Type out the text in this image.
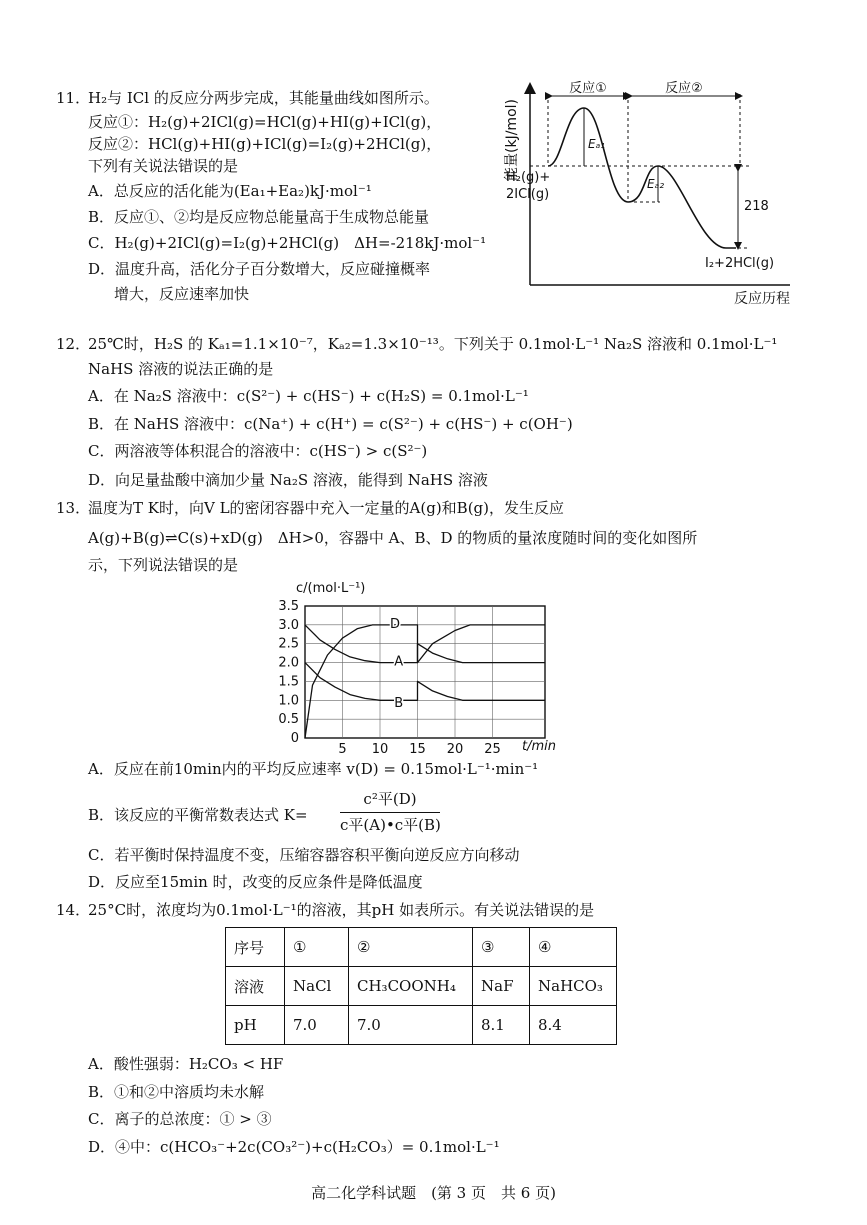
11．
H₂与 ICl 的反应分两步完成，其能量曲线如图所示。
反应①：H₂(g)+2ICl(g)=HCl(g)+HI(g)+ICl(g)，
反应②：HCl(g)+HI(g)+ICl(g)=I₂(g)+2HCl(g)，
下列有关说法错误的是
A．总反应的活化能为(Ea₁+Ea₂)kJ·mol⁻¹
B．反应①、②均是反应物总能量高于生成物总能量
C．H₂(g)+2ICl(g)=I₂(g)+2HCl(g)　ΔH=-218kJ·mol⁻¹
D．温度升高，活化分子百分数增大，反应碰撞概率
增大，反应速率加快
能量(kJ/mol)
反应历程
反应①	反应②
Eₐ₁
Eₐ₂
H₂(g)+
2ICl(g)
218
I₂+2HCl(g)
12．
25℃时，H₂S 的 Kₐ₁=1.1×10⁻⁷，Kₐ₂=1.3×10⁻¹³。下列关于 0.1mol·L⁻¹ Na₂S 溶液和 0.1mol·L⁻¹
NaHS 溶液的说法正确的是
A．在 Na₂S 溶液中：c(S²⁻) + c(HS⁻) + c(H₂S) = 0.1mol·L⁻¹
B．在 NaHS 溶液中：c(Na⁺) + c(H⁺) = c(S²⁻) + c(HS⁻) + c(OH⁻)
C．两溶液等体积混合的溶液中：c(HS⁻) > c(S²⁻)
D．向足量盐酸中滴加少量 Na₂S 溶液，能得到 NaHS 溶液
13．
温度为T K时，向V L的密闭容器中充入一定量的A(g)和B(g)，发生反应
A(g)+B(g)⇌C(s)+xD(g)　ΔH>0，容器中 A、B、D 的物质的量浓度随时间的变化如图所
示，下列说法错误的是
c/(mol·L⁻¹)
t/min
0
0.5
1.0
1.5
2.0
2.5
3.0
3.5
5 10 15 20 25
D
A
B
A．反应在前10min内的平均反应速率 v(D) = 0.15mol·L⁻¹·min⁻¹
B．该反应的平衡常数表达式 K=
c²平(D)
c平(A)•c平(B)
C．若平衡时保持温度不变，压缩容器容积平衡向逆反应方向移动
D．反应至15min 时，改变的反应条件是降低温度
14．
25°C时，浓度均为0.1mol·L⁻¹的溶液，其pH 如表所示。有关说法错误的是
序号	①	②	③	④
溶液	NaCl	CH₃COONH₄	NaF	NaHCO₃
pH	7.0	7.0	8.1	8.4
A．酸性强弱：H₂CO₃ < HF
B．①和②中溶质均未水解
C．离子的总浓度：① > ③
D．④中：c(HCO₃⁻+2c(CO₃²⁻)+c(H₂CO₃）= 0.1mol·L⁻¹
高二化学科试题　(第 3 页　共 6 页)
